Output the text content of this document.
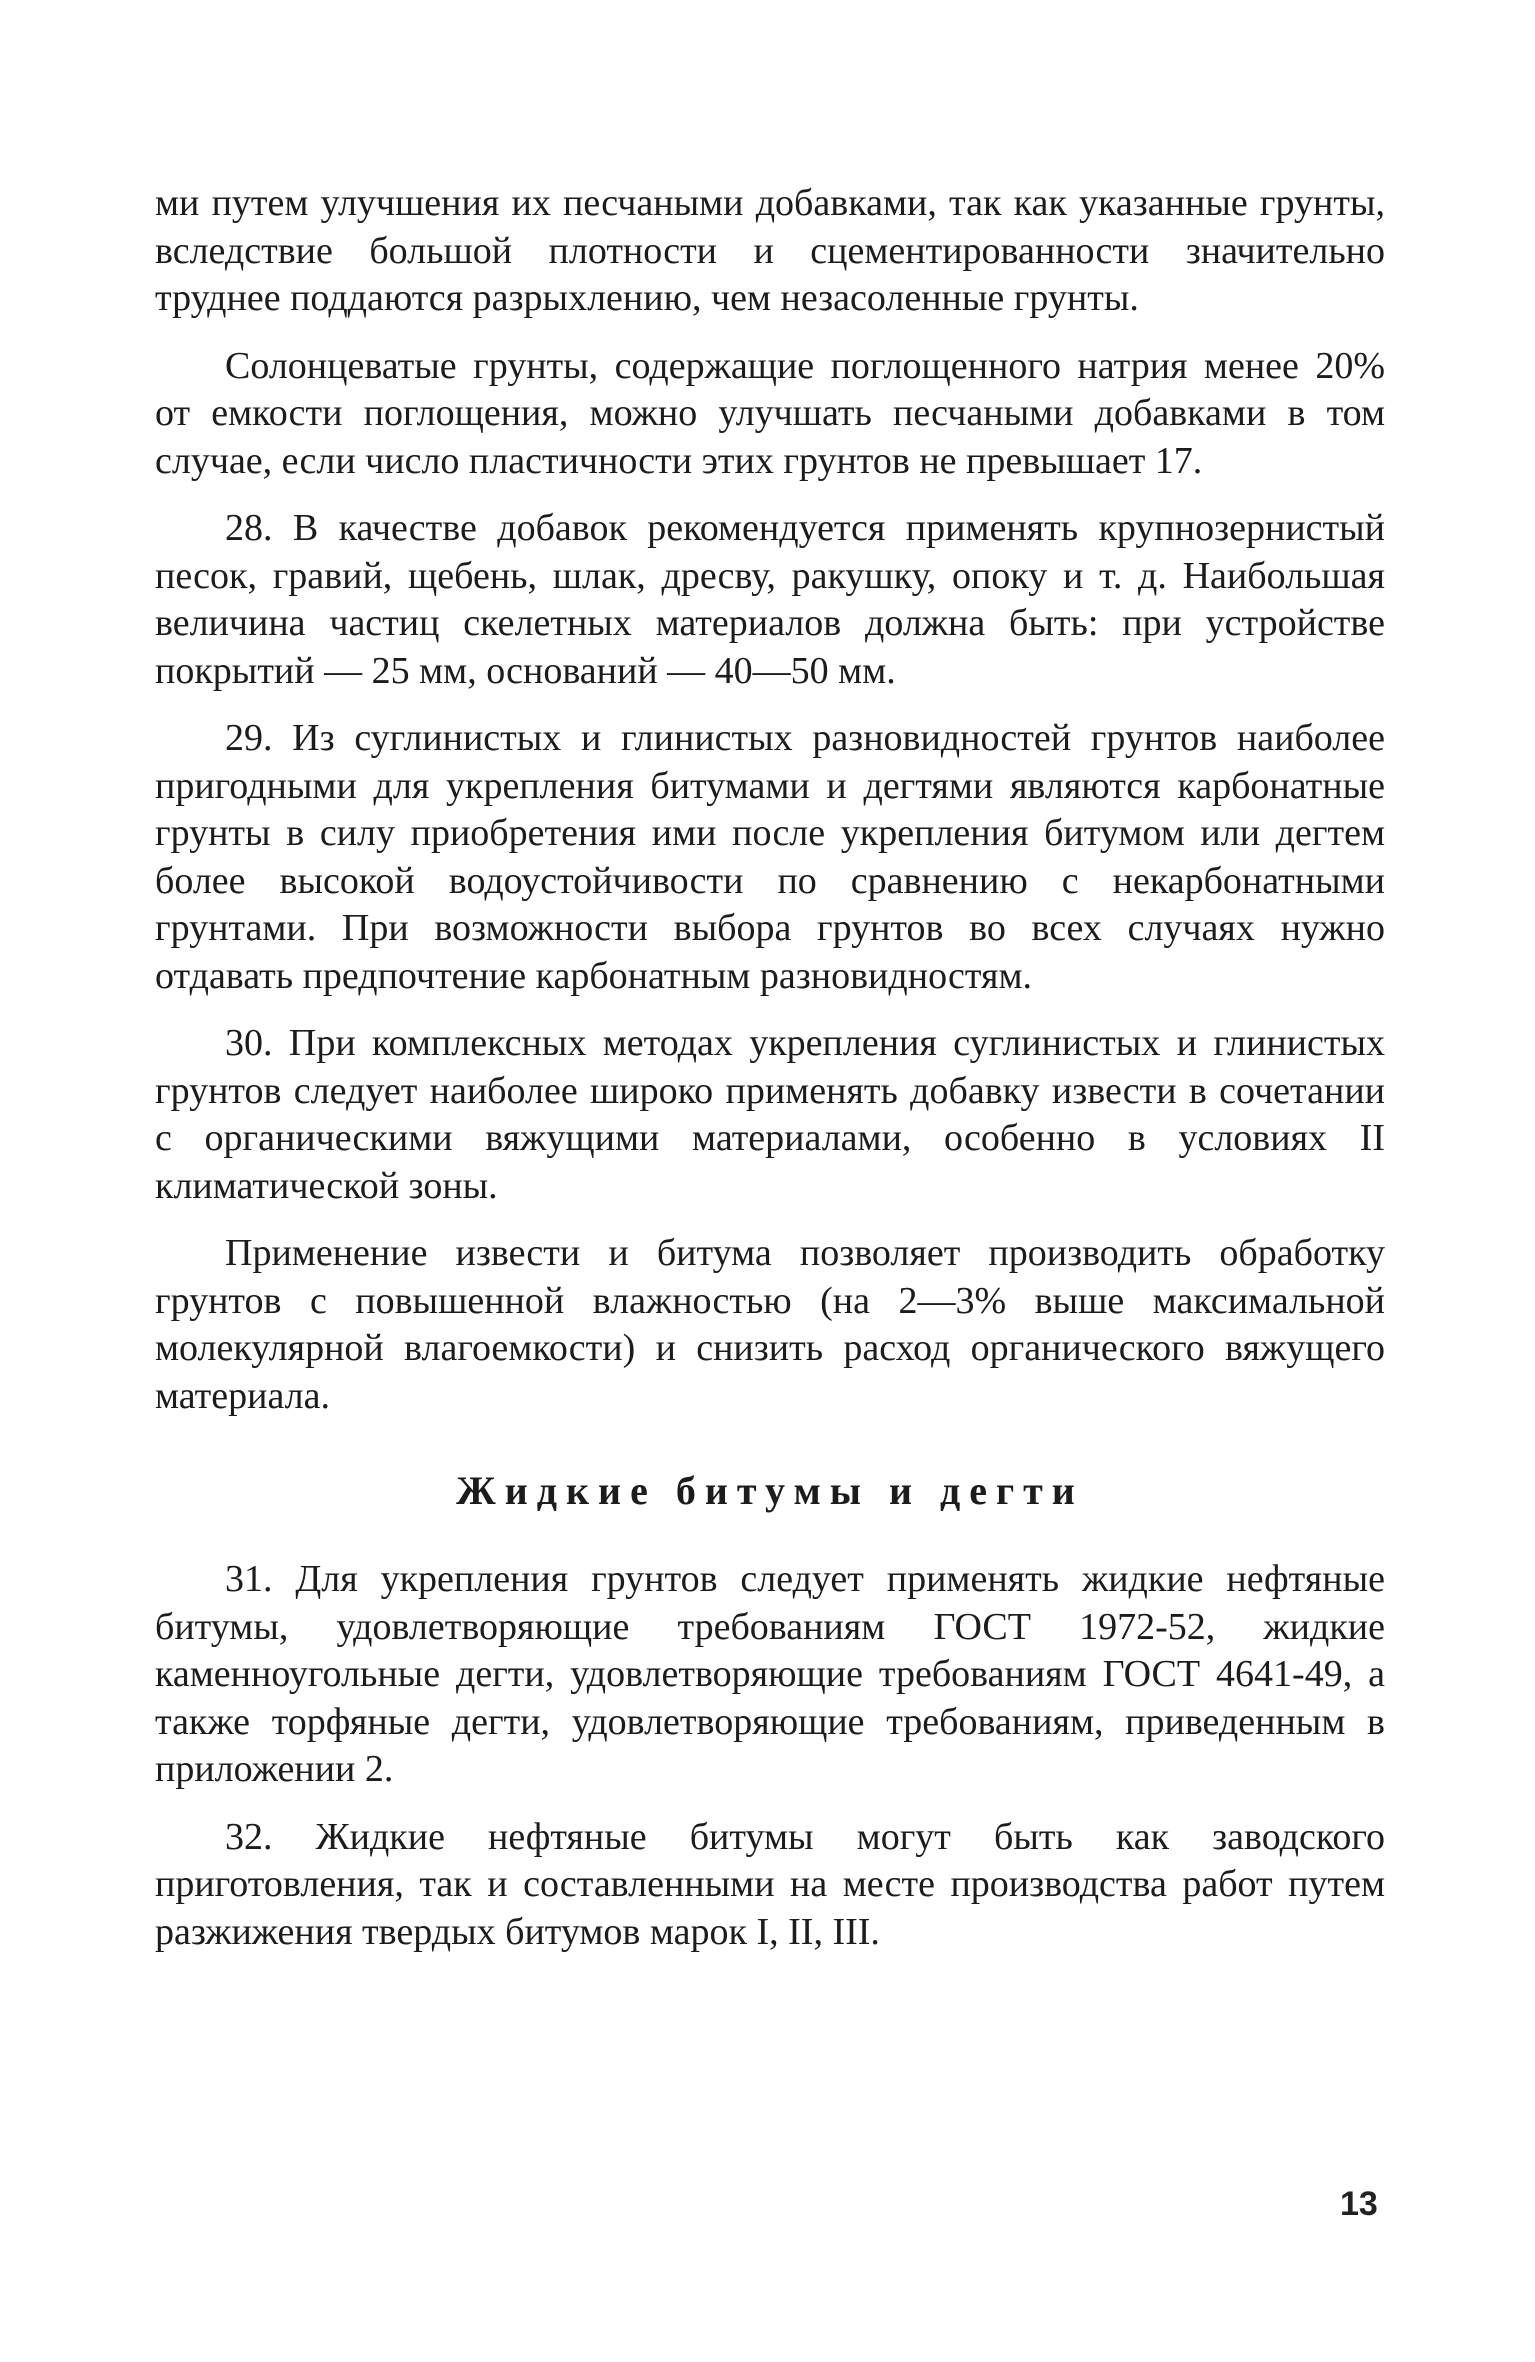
ми путем улучшения их песчаными добавками, так как указанные грунты, вследствие большой плотности и сцементированности значительно труднее поддаются разрыхлению, чем незасоленные грунты.

Солонцеватые грунты, содержащие поглощенного натрия менее 20% от емкости поглощения, можно улучшать песчаными добавками в том случае, если число пластичности этих грунтов не превышает 17.

28. В качестве добавок рекомендуется применять крупнозернистый песок, гравий, щебень, шлак, дресву, ракушку, опоку и т. д. Наибольшая величина частиц скелетных материалов должна быть: при устройстве покрытий — 25 мм, оснований — 40—50 мм.

29. Из суглинистых и глинистых разновидностей грунтов наиболее пригодными для укрепления битумами и дегтями являются карбонатные грунты в силу приобретения ими после укрепления битумом или дегтем более высокой водоустойчивости по сравнению с некарбонатными грунтами. При возможности выбора грунтов во всех случаях нужно отдавать предпочтение карбонатным разновидностям.

30. При комплексных методах укрепления суглинистых и глинистых грунтов следует наиболее широко применять добавку извести в сочетании с органическими вяжущими материалами, особенно в условиях II климатической зоны.

Применение извести и битума позволяет производить обработку грунтов с повышенной влажностью (на 2—3% выше максимальной молекулярной влагоемкости) и снизить расход органического вяжущего материала.

Жидкие битумы и дегти

31. Для укрепления грунтов следует применять жидкие нефтяные битумы, удовлетворяющие требованиям ГОСТ 1972-52, жидкие каменноугольные дегти, удовлетворяющие требованиям ГОСТ 4641-49, а также торфяные дегти, удовлетворяющие требованиям, приведенным в приложении 2.

32. Жидкие нефтяные битумы могут быть как заводского приготовления, так и составленными на месте производства работ путем разжижения твердых битумов марок I, II, III.

13
